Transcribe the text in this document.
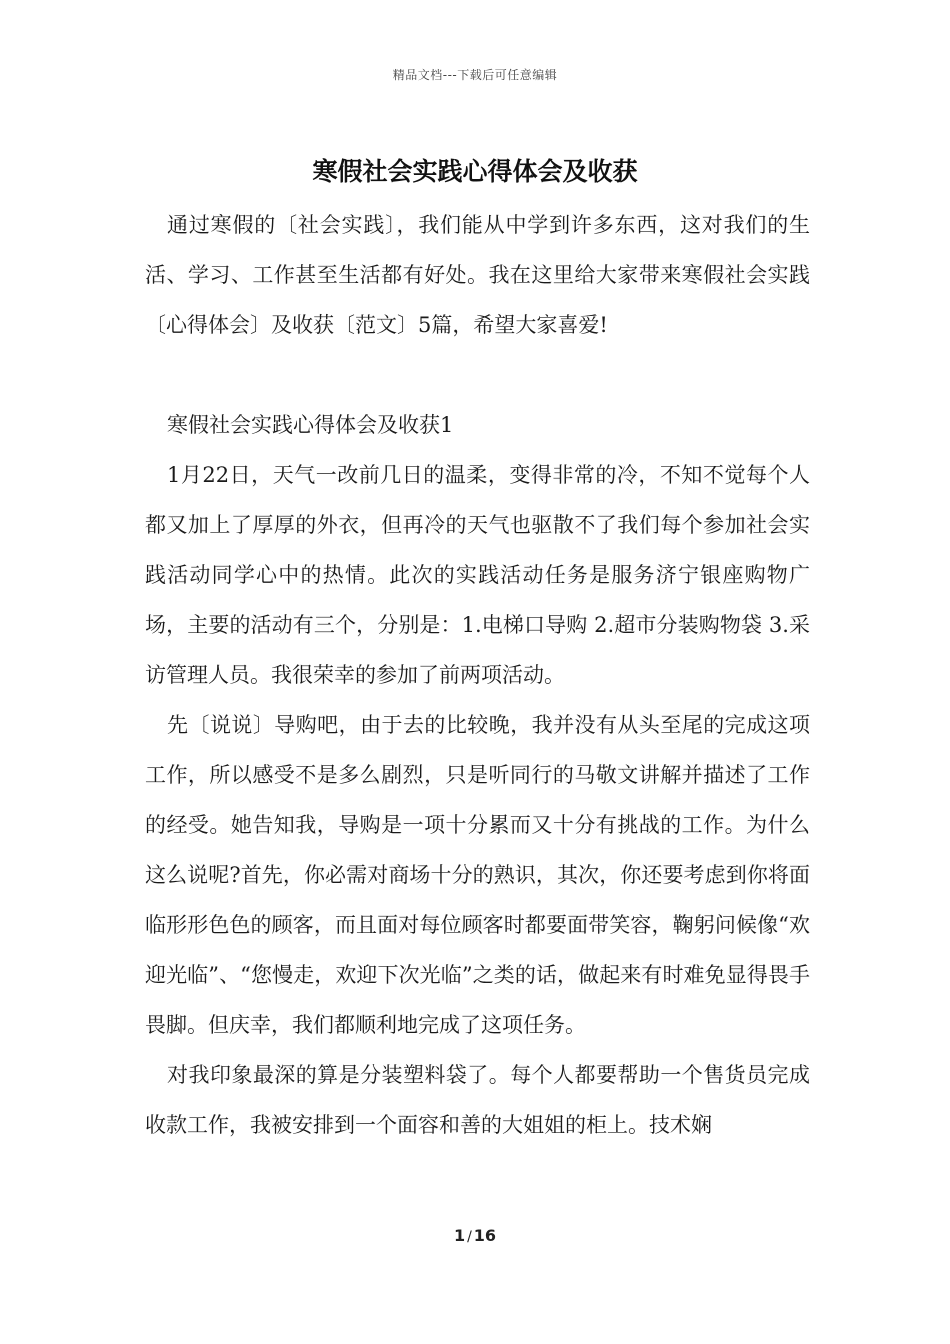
精品文档---下载后可任意编辑
寒假社会实践心得体会及收获

通过寒假的〔社会实践〕，我们能从中学到许多东西，这对我们的生活、学习、工作甚至生活都有好处。我在这里给大家带来寒假社会实践〔心得体会〕及收获〔范文〕5篇，希望大家喜爱!

寒假社会实践心得体会及收获1

1月22日，天气一改前几日的温柔，变得非常的冷，不知不觉每个人都又加上了厚厚的外衣，但再冷的天气也驱散不了我们每个参加社会实践活动同学心中的热情。此次的实践活动任务是服务济宁银座购物广场，主要的活动有三个，分别是：1.电梯口导购 2.超市分装购物袋 3.采访管理人员。我很荣幸的参加了前两项活动。

先〔说说〕导购吧，由于去的比较晚，我并没有从头至尾的完成这项工作，所以感受不是多么剧烈，只是听同行的马敬文讲解并描述了工作的经受。她告知我，导购是一项十分累而又十分有挑战的工作。为什么这么说呢?首先，你必需对商场十分的熟识，其次，你还要考虑到你将面临形形色色的顾客，而且面对每位顾客时都要面带笑容，鞠躬问候像“欢迎光临”、“您慢走，欢迎下次光临”之类的话，做起来有时难免显得畏手畏脚。但庆幸，我们都顺利地完成了这项任务。

对我印象最深的算是分装塑料袋了。每个人都要帮助一个售货员完成收款工作，我被安排到一个面容和善的大姐姐的柜上。技术娴

1 / 16
